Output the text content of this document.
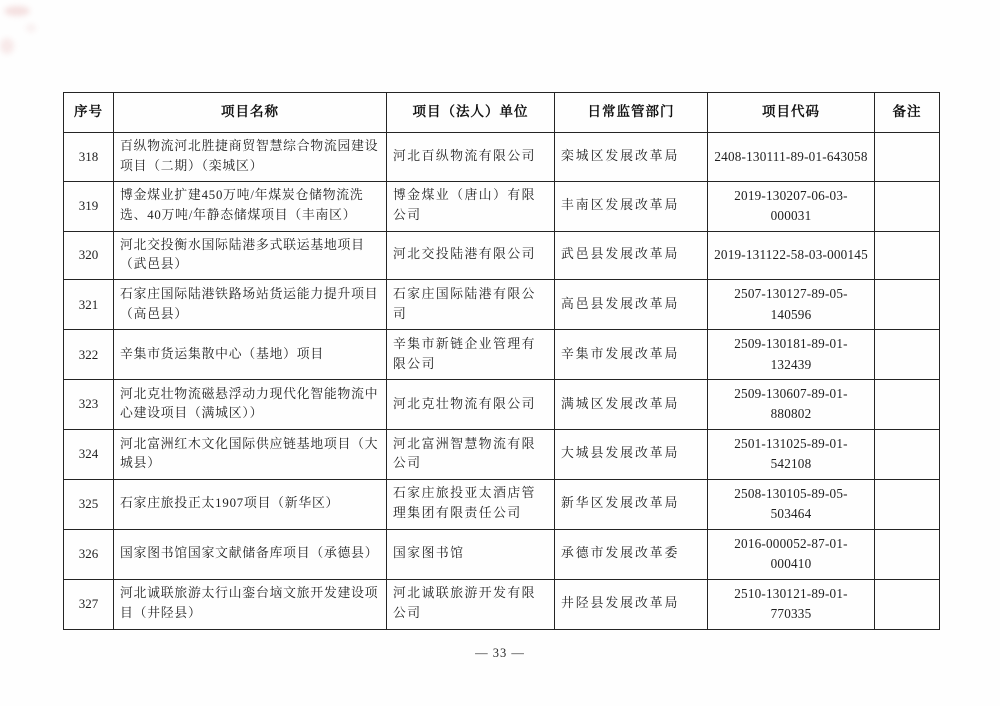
序号	项目名称	项目（法人）单位	日常监管部门	项目代码	备注
318	百纵物流河北胜捷商贸智慧综合物流园建设项目（二期）（栾城区）	河北百纵物流有限公司	栾城区发展改革局	2408-130111-89-01-643058	
319	博金煤业扩建450万吨/年煤炭仓储物流洗选、40万吨/年静态储煤项目（丰南区）	博金煤业（唐山）有限公司	丰南区发展改革局	2019-130207-06-03-000031	
320	河北交投衡水国际陆港多式联运基地项目（武邑县）	河北交投陆港有限公司	武邑县发展改革局	2019-131122-58-03-000145	
321	石家庄国际陆港铁路场站货运能力提升项目（高邑县）	石家庄国际陆港有限公司	高邑县发展改革局	2507-130127-89-05-140596	
322	辛集市货运集散中心（基地）项目	辛集市新链企业管理有限公司	辛集市发展改革局	2509-130181-89-01-132439	
323	河北克壮物流磁悬浮动力现代化智能物流中心建设项目（满城区））	河北克壮物流有限公司	满城区发展改革局	2509-130607-89-01-880802	
324	河北富洲红木文化国际供应链基地项目（大城县）	河北富洲智慧物流有限公司	大城县发展改革局	2501-131025-89-01-542108	
325	石家庄旅投正太1907项目（新华区）	石家庄旅投亚太酒店管理集团有限责任公司	新华区发展改革局	2508-130105-89-05-503464	
326	国家图书馆国家文献储备库项目（承德县）	国家图书馆	承德市发展改革委	2016-000052-87-01-000410	
327	河北诚联旅游太行山銮台垴文旅开发建设项目（井陉县）	河北诚联旅游开发有限公司	井陉县发展改革局	2510-130121-89-01-770335	
— 33 —
